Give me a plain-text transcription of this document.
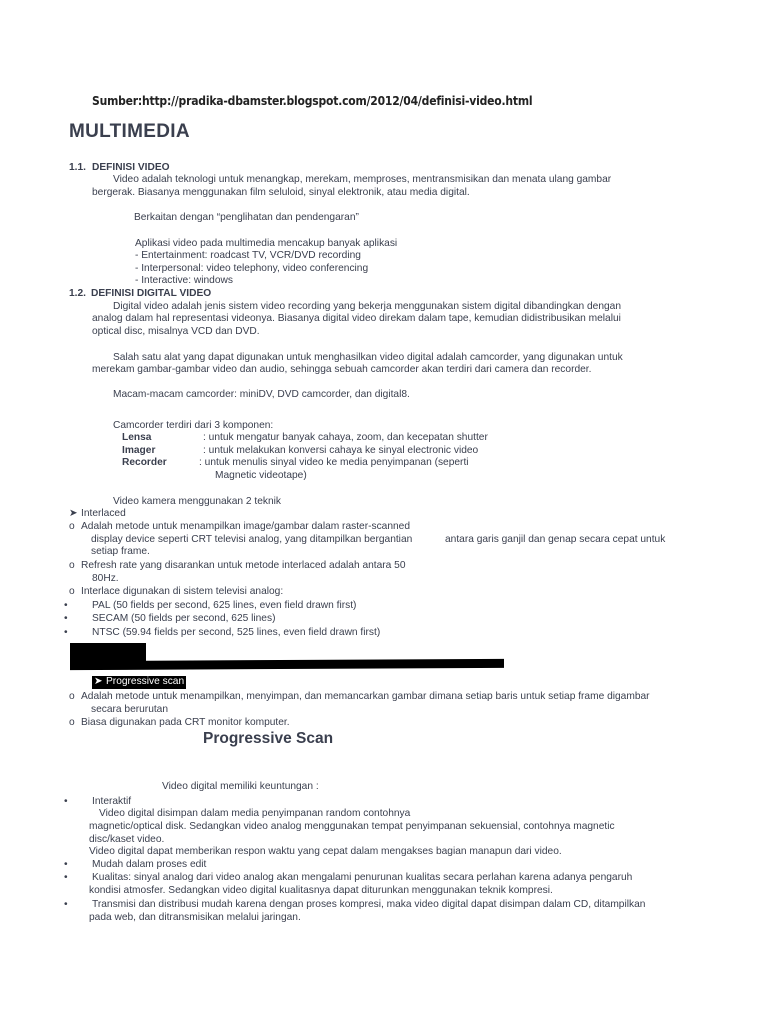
Sumber:http://pradika-dbamster.blogspot.com/2012/04/definisi-video.html
MULTIMEDIA
1.1. DEFINISI VIDEO
Video adalah teknologi untuk menangkap, merekam, memproses, mentransmisikan dan menata ulang gambar
bergerak. Biasanya menggunakan film seluloid, sinyal elektronik, atau media digital.
Berkaitan dengan “penglihatan dan pendengaran”
Aplikasi video pada multimedia mencakup banyak aplikasi
- Entertainment: roadcast TV, VCR/DVD recording
- Interpersonal: video telephony, video conferencing
- Interactive: windows
1.2. DEFINISI DIGITAL VIDEO
Digital video adalah jenis sistem video recording yang bekerja menggunakan sistem digital dibandingkan dengan
analog dalam hal representasi videonya. Biasanya digital video direkam dalam tape, kemudian didistribusikan melalui
optical disc, misalnya VCD dan DVD.
Salah satu alat yang dapat digunakan untuk menghasilkan video digital adalah camcorder, yang digunakan untuk
merekam gambar-gambar video dan audio, sehingga sebuah camcorder akan terdiri dari camera dan recorder.
Macam-macam camcorder: miniDV, DVD camcorder, dan digital8.
Camcorder terdiri dari 3 komponen:
Lensa	: untuk mengatur banyak cahaya, zoom, dan kecepatan shutter
Imager	: untuk melakukan konversi cahaya ke sinyal electronic video
Recorder	: untuk menulis sinyal video ke media penyimpanan (seperti
Magnetic videotape)
Video kamera menggunakan 2 teknik
➤ Interlaced
o Adalah metode untuk menampilkan image/gambar dalam raster-scanned
display device seperti CRT televisi analog, yang ditampilkan bergantian	antara garis ganjil dan genap secara cepat untuk
setiap frame.
o Refresh rate yang disarankan untuk metode interlaced adalah antara 50
80Hz.
o Interlace digunakan di sistem televisi analog:
• PAL (50 fields per second, 625 lines, even field drawn first)
• SECAM (50 fields per second, 625 lines)
• NTSC (59.94 fields per second, 525 lines, even field drawn first)
➤ Progressive scan
o Adalah metode untuk menampilkan, menyimpan, dan memancarkan gambar dimana setiap baris untuk setiap frame digambar
secara berurutan
o Biasa digunakan pada CRT monitor komputer.
Progressive Scan
Video digital memiliki keuntungan :
• Interaktif
Video digital disimpan dalam media penyimpanan random contohnya
magnetic/optical disk. Sedangkan video analog menggunakan tempat penyimpanan sekuensial, contohnya magnetic
disc/kaset video.
Video digital dapat memberikan respon waktu yang cepat dalam mengakses bagian manapun dari video.
• Mudah dalam proses edit
• Kualitas: sinyal analog dari video analog akan mengalami penurunan kualitas secara perlahan karena adanya pengaruh
kondisi atmosfer. Sedangkan video digital kualitasnya dapat diturunkan menggunakan teknik kompresi.
• Transmisi dan distribusi mudah karena dengan proses kompresi, maka video digital dapat disimpan dalam CD, ditampilkan
pada web, dan ditransmisikan melalui jaringan.
